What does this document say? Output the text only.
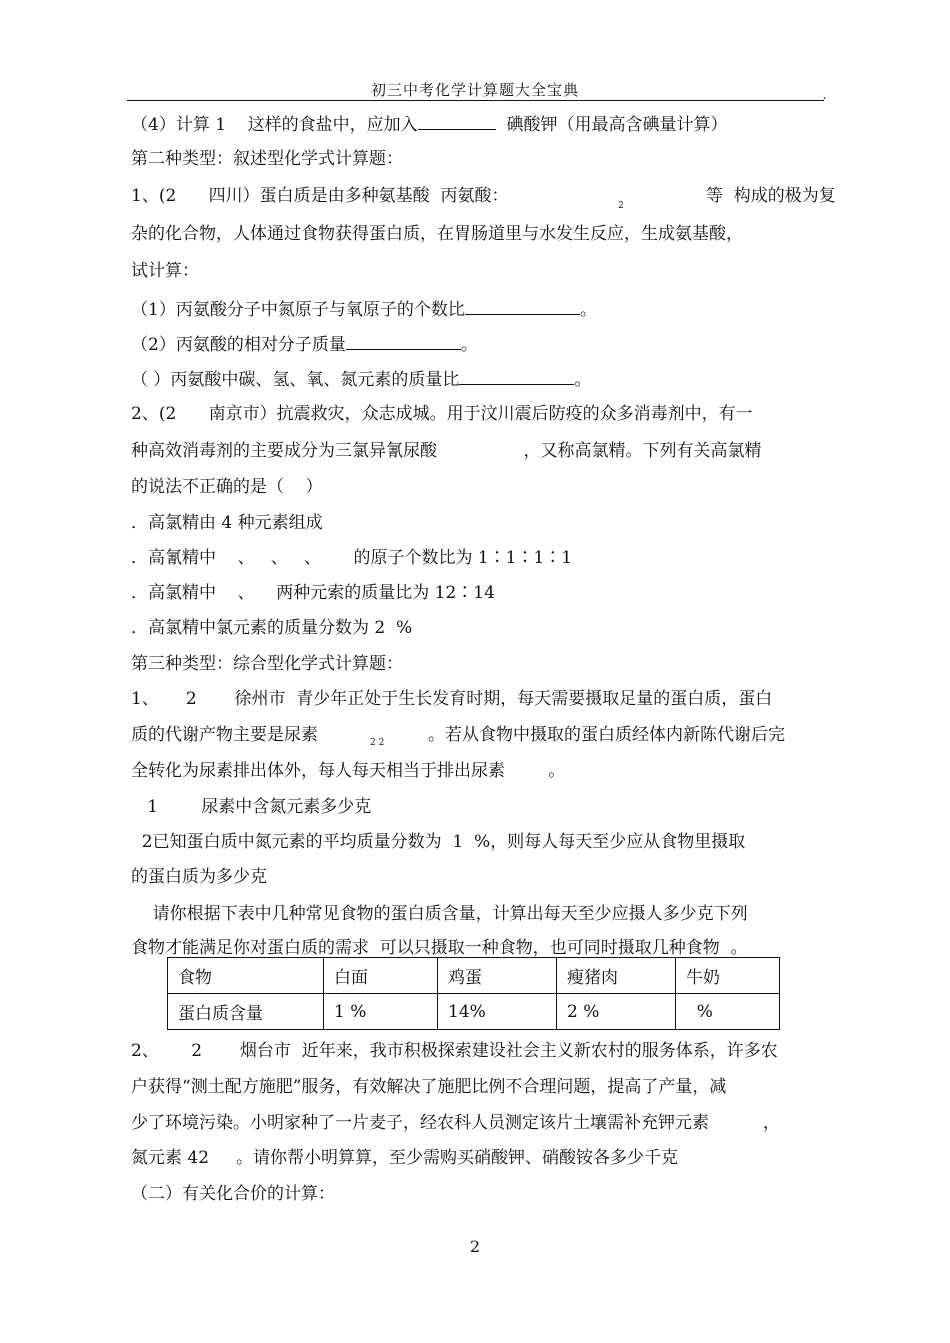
初三中考化学计算题大全宝典	,
（4）计算 1    这样的食盐中，应加入	碘酸钾（用最高含碘量计算）
第二种类型：叙述型化学式计算题：
1、(2      四川）蛋白质是由多种氨基酸  丙氨酸：	等  构成的极为复
2
杂的化合物，人体通过食物获得蛋白质，在胃肠道里与水发生反应，生成氨基酸，
试计算：
（1）丙氨酸分子中氮原子与氧原子的个数比	。
（2）丙氨酸的相对分子质量	。
（ ）丙氨酸中碳、氢、氧、氮元素的质量比	。
2、(2      南京市）抗震救灾，众志成城。用于汶川震后防疫的众多消毒剂中，有一
种高效消毒剂的主要成分为三氯异氰尿酸                ，又称高氯精。下列有关高氯精
的说法不正确的是（    ）
．高氯精由 4 种元素组成
．高氰精中    、   、   、      的原子个数比为 1∶1∶1∶1
．高氯精中    、    两种元索的质量比为 12∶14
．高氯精中氯元素的质量分数为 2  %
第三种类型：综合型化学式计算题：
1、     2       徐州市  青少年正处于生长发育时期，每天需要摄取足量的蛋白质，蛋白
质的代谢产物主要是尿素	。若从食物中摄取的蛋白质经体内新陈代谢后完
2 2
全转化为尿素排出体外，每人每天相当于排出尿素        。
1        尿素中含氮元素多少克
2已知蛋白质中氮元素的平均质量分数为  1  %，则每人每天至少应从食物里摄取
的蛋白质为多少克
请你根据下表中几种常见食物的蛋白质含量，计算出每天至少应摄人多少克下列
食物才能满足你对蛋白质的需求  可以只摄取一种食物，也可同时摄取几种食物  。
食物	白面	鸡蛋	瘦猪肉	牛奶
蛋白质含量	1 %	14%	2 %	%
2、      2       烟台市  近年来，我市积极探索建设社会主义新农村的服务体系，许多农
户获得“测土配方施肥”服务，有效解决了施肥比例不合理问题，提高了产量，减
少了环境污染。小明家种了一片麦子，经农科人员测定该片土壤需补充钾元素          ，
氮元素 42     。请你帮小明算算，至少需购买硝酸钾、硝酸铵各多少千克
（二）有关化合价的计算：
2
